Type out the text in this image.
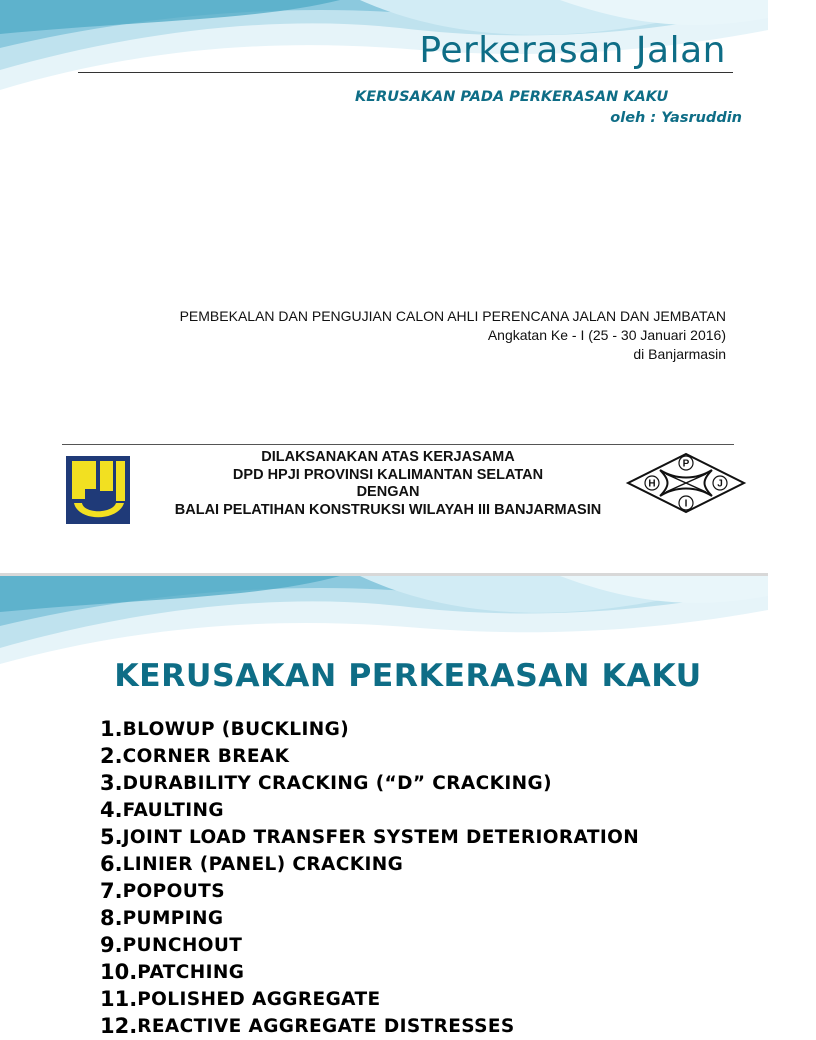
Perkerasan Jalan

KERUSAKAN PADA PERKERASAN KAKU

oleh : Yasruddin

PEMBEKALAN DAN PENGUJIAN CALON AHLI PERENCANA JALAN DAN JEMBATAN
Angkatan Ke - I (25 - 30 Januari 2016)
di Banjarmasin
DILAKSANAKAN ATAS KERJASAMA
DPD HPJI PROVINSI KALIMANTAN SELATAN
DENGAN
BALAI PELATIHAN KONSTRUKSI WILAYAH III BANJARMASIN
P
H	J
I
KERUSAKAN PERKERASAN KAKU
1. BLOWUP (BUCKLING)
2. CORNER BREAK
3. DURABILITY CRACKING (“D” CRACKING)
4. FAULTING
5. JOINT LOAD TRANSFER SYSTEM DETERIORATION
6. LINIER (PANEL) CRACKING
7. POPOUTS
8. PUMPING
9. PUNCHOUT
10. PATCHING
11. POLISHED AGGREGATE
12. REACTIVE AGGREGATE DISTRESSES
